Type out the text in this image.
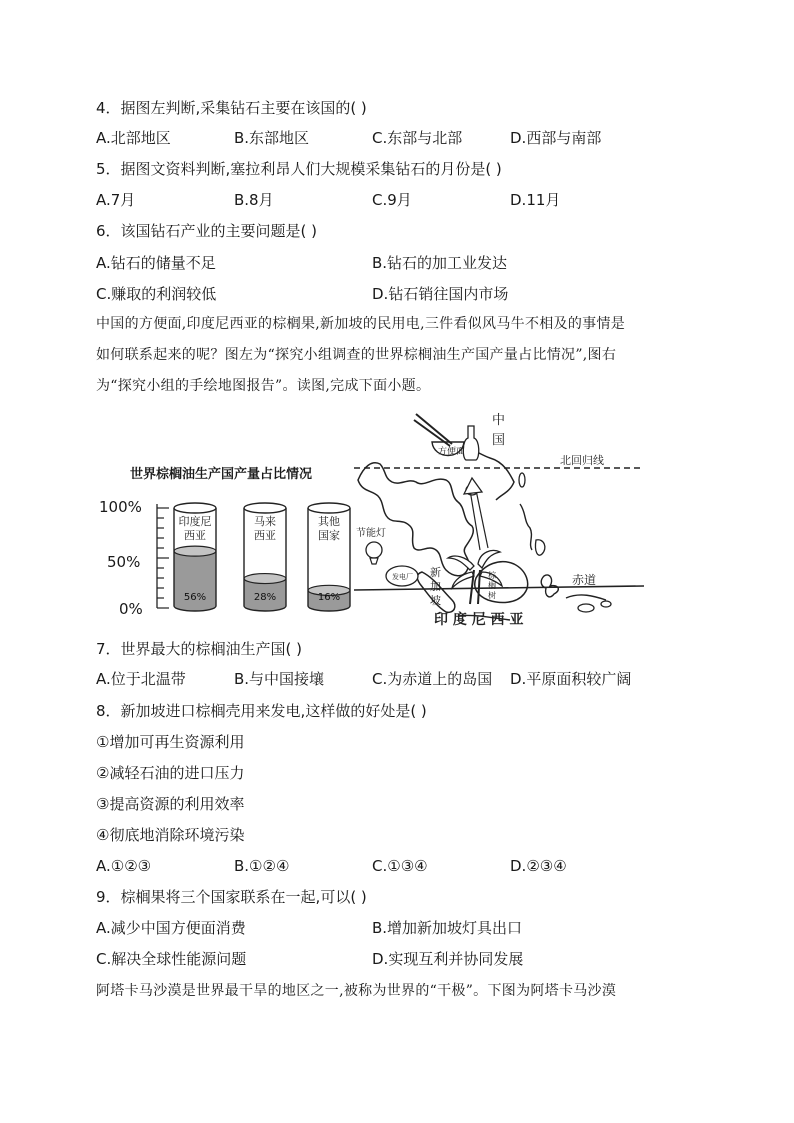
4．据图左判断,采集钻石主要在该国的( )
A.北部地区	B.东部地区	C.东部与北部	D.西部与南部
5．据图文资料判断,塞拉利昂人们大规模采集钻石的月份是( )
A.7月	B.8月	C.9月	D.11月
6．该国钻石产业的主要问题是( )
A.钻石的储量不足	B.钻石的加工业发达
C.赚取的利润较低	D.钻石销往国内市场
中国的方便面,印度尼西亚的棕榈果,新加坡的民用电,三件看似风马牛不相及的事情是
如何联系起来的呢？图左为“探究小组调查的世界棕榈油生产国产量占比情况”,图右
为“探究小组的手绘地图报告”。读图,完成下面小题。
世界棕榈油生产国产量占比情况
100%
50%
0%
印度尼
西亚
56%
马来
西亚
28%
其他
国家
16%
方便面
中
国
北回归线
节能灯
发电厂 新
加
坡
棕
榈
树
赤道
印 度 尼 西 亚
7．世界最大的棕榈油生产国( )
A.位于北温带	B.与中国接壤	C.为赤道上的岛国 D.平原面积较广阔
8．新加坡进口棕榈壳用来发电,这样做的好处是( )
①增加可再生资源利用
②减轻石油的进口压力
③提高资源的利用效率
④彻底地消除环境污染
A.①②③	B.①②④	C.①③④	D.②③④
9．棕榈果将三个国家联系在一起,可以( )
A.减少中国方便面消费	B.增加新加坡灯具出口
C.解决全球性能源问题	D.实现互利并协同发展
阿塔卡马沙漠是世界最干旱的地区之一,被称为世界的“干极”。下图为阿塔卡马沙漠
